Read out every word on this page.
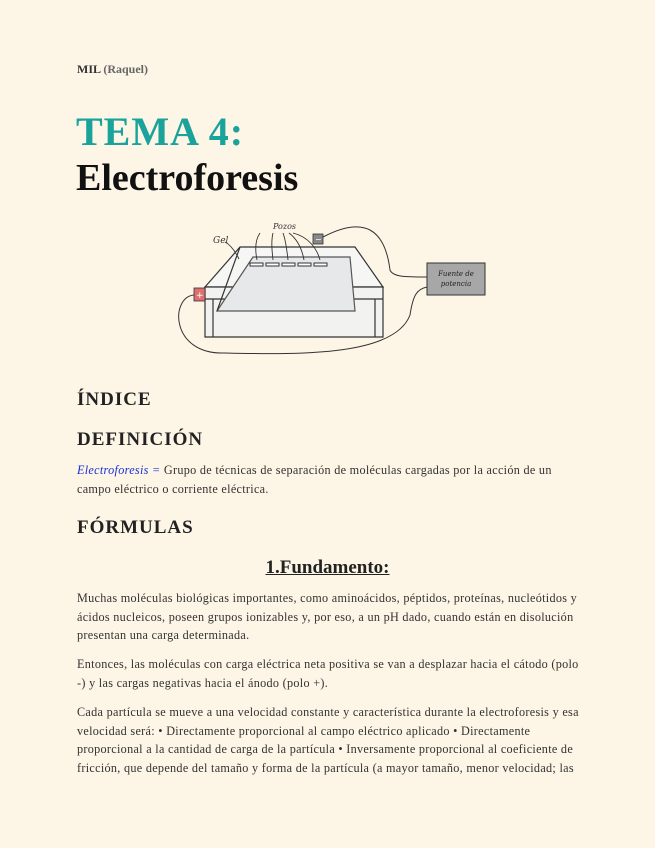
MIL (Raquel)
TEMA 4:
Electroforesis
Gel
Pozos
−
+
Fuente de
potencia
ÍNDICE
DEFINICIÓN
Electroforesis = Grupo de técnicas de separación de moléculas cargadas por la acción de un campo eléctrico o corriente eléctrica.
FÓRMULAS
1.Fundamento:
Muchas moléculas biológicas importantes, como aminoácidos, péptidos, proteínas, nucleótidos y ácidos nucleicos, poseen grupos ionizables y, por eso, a un pH dado, cuando están en disolución presentan una carga determinada.
Entonces, las moléculas con carga eléctrica neta positiva se van a desplazar hacia el cátodo (polo -) y las cargas negativas hacia el ánodo (polo +).
Cada partícula se mueve a una velocidad constante y característica durante la electroforesis y esa velocidad será: • Directamente proporcional al campo eléctrico aplicado • Directamente proporcional a la cantidad de carga de la partícula • Inversamente proporcional al coeficiente de fricción, que depende del tamaño y forma de la partícula (a mayor tamaño, menor velocidad; las
